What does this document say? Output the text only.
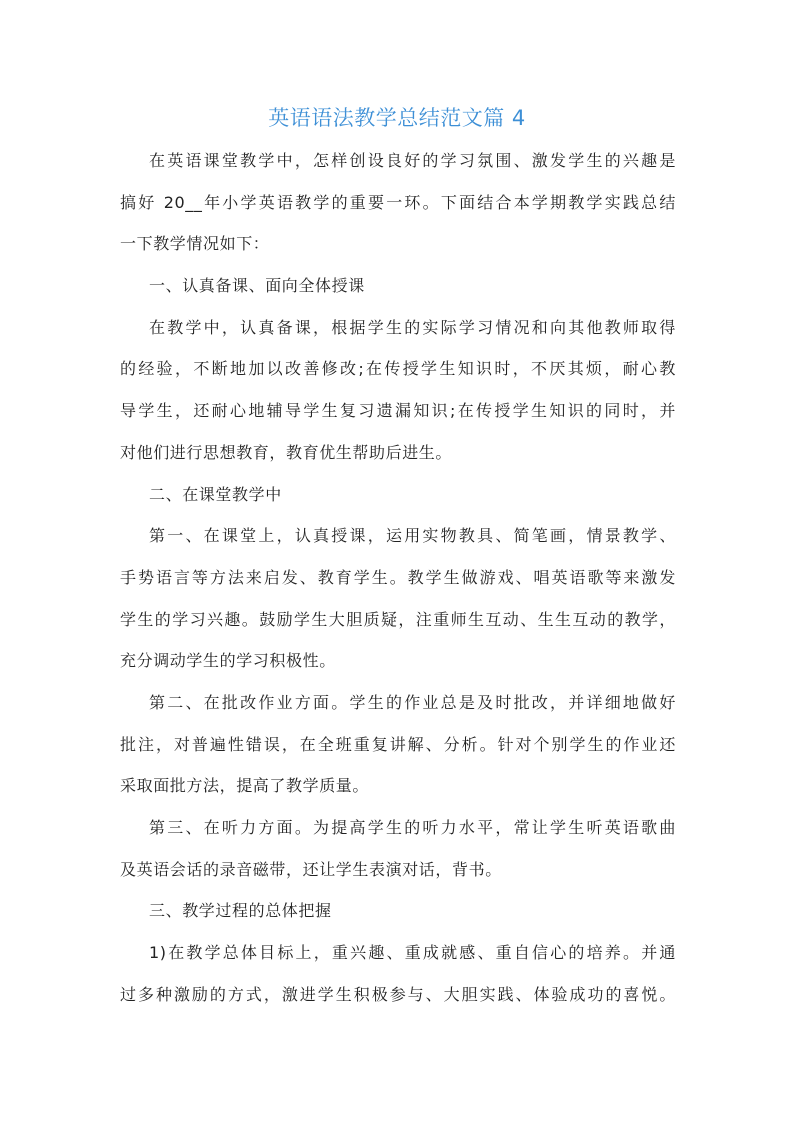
英语语法教学总结范文篇 4
在英语课堂教学中，怎样创设良好的学习氛围、激发学生的兴趣是
搞好 20__年小学英语教学的重要一环。下面结合本学期教学实践总结
一下教学情况如下：
一、认真备课、面向全体授课
在教学中，认真备课，根据学生的实际学习情况和向其他教师取得
的经验，不断地加以改善修改;在传授学生知识时，不厌其烦，耐心教
导学生，还耐心地辅导学生复习遗漏知识;在传授学生知识的同时，并
对他们进行思想教育，教育优生帮助后进生。
二、在课堂教学中
第一、在课堂上，认真授课，运用实物教具、简笔画，情景教学、
手势语言等方法来启发、教育学生。教学生做游戏、唱英语歌等来激发
学生的学习兴趣。鼓励学生大胆质疑，注重师生互动、生生互动的教学，
充分调动学生的学习积极性。
第二、在批改作业方面。学生的作业总是及时批改，并详细地做好
批注，对普遍性错误，在全班重复讲解、分析。针对个别学生的作业还
采取面批方法，提高了教学质量。
第三、在听力方面。为提高学生的听力水平，常让学生听英语歌曲
及英语会话的录音磁带，还让学生表演对话，背书。
三、教学过程的总体把握
1)在教学总体目标上，重兴趣、重成就感、重自信心的培养。并通
过多种激励的方式，激进学生积极参与、大胆实践、体验成功的喜悦。
